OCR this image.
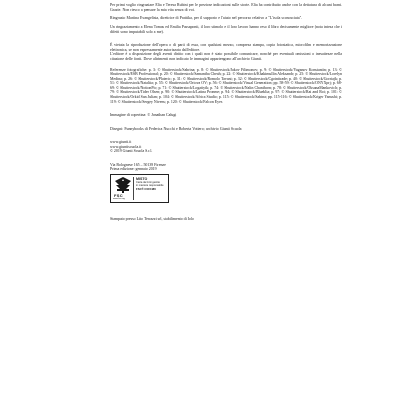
Per primi voglio ringraziare Elia e Teresa Rubini per le preziose indicazioni sulle storie. Elia ha contribuito anche con la dettatura di alcuni brani. Grazie. Non riesco a pensare la mia vita senza di voi.

Ringrazio Martina Evangelista, direttrice di Prattika, per il supporto e l'aiuto nel percorso relativo a "L'isola sconosciuta".

Un ringraziamento a Elena Tomas ed Emilia Passaponti, il loro stimolo e il loro lavoro hanno reso il libro decisamente migliore (nota intesa che i difetti sono imputabili solo a me).

È vietata la riproduzione dell'opera o di parti di essa, con qualsiasi mezzo, compresa stampa, copia fotostatica, microfilm e memorizzazione elettronica, se non espressamente autorizzata dall'editore.

L'editore è a disposizione degli aventi diritto con i quali non è stato possibile comunicare, nonché per eventuali omissioni o inesattezze nella citazione delle fonti. Dove altrimenti non indicato le immagini appartengono all'archivio Giunti.

Referenze fotografiche: p. 3: © Shutterstock/Sabrina; p. 8: © Shutterstock/Jakov Filimonov; p. 9: © Shutterstock/Yuganov Konstantin; p. 13: © Shutterstock/ESB Professional; p. 20: © Shutterstock/Samantha Cheah; p. 22: © Shutterstock/Khakimullin Aleksandr; p. 25: © Shutterstock/Lorelyn Medina; p. 26: © Shutterstock/Plateric; p. 31: © Shutterstock/Romolo Tavani; p. 32: © Shutterstock/Cgointtrade; p. 40: © Shutterstock/Gorriajk; p. 51: © Shutterstock/Nataliia; p. 55: © Shutterstock/Oriova OV; p. 56: © Shutterstock/Visual Generation; pp. 58-59: © Shutterstock/ONYXprj; p. 68-69: © Shutterstock/NotionPic; p. 71: © Shutterstock/Logatiyik; p. 74: © Shutterstock/Nalin Chanthorn; p. 78: © Shutterstock/OksanaMankovich; p. 79: © Shutterstock/Tider Olsen; p. 90: © Shutterstock/Latina Pronme; p. 94: © Shutterstock/Blueklia; p. 97: © Shutterstock/Rai and Roi; p. 101: © Shutterstock/Orkid San Julian; p. 104: © Shutterstock/Africa Studio; p. 115: © Shutterstock/Sabina; pp. 115-116: © Shutterstock/Kriger Yanushi; p. 119: © Shutterstock/Sergey Nivens; p. 120: © Shutterstock/Falcon Eyes

Immagine di copertina: © Jonathan Calugi

Disegni: Funnybooks di Federica Nucchi e Roberta Vottero; archivio Giunti Scuola

www.giunti.it

www.giuntiscuola.it

© 2019 Giunti Scuola S.r.l.

Via Bolognese 165 – 50139 Firenze

Prima edizione: gennaio 2019

FSC
www.fsc.org
MISTO
Carta da fonti gestite
in maniera responsabile
FSC® C015486

Stampato presso Lito Terrazzi srl, stabilimento di Iolo
